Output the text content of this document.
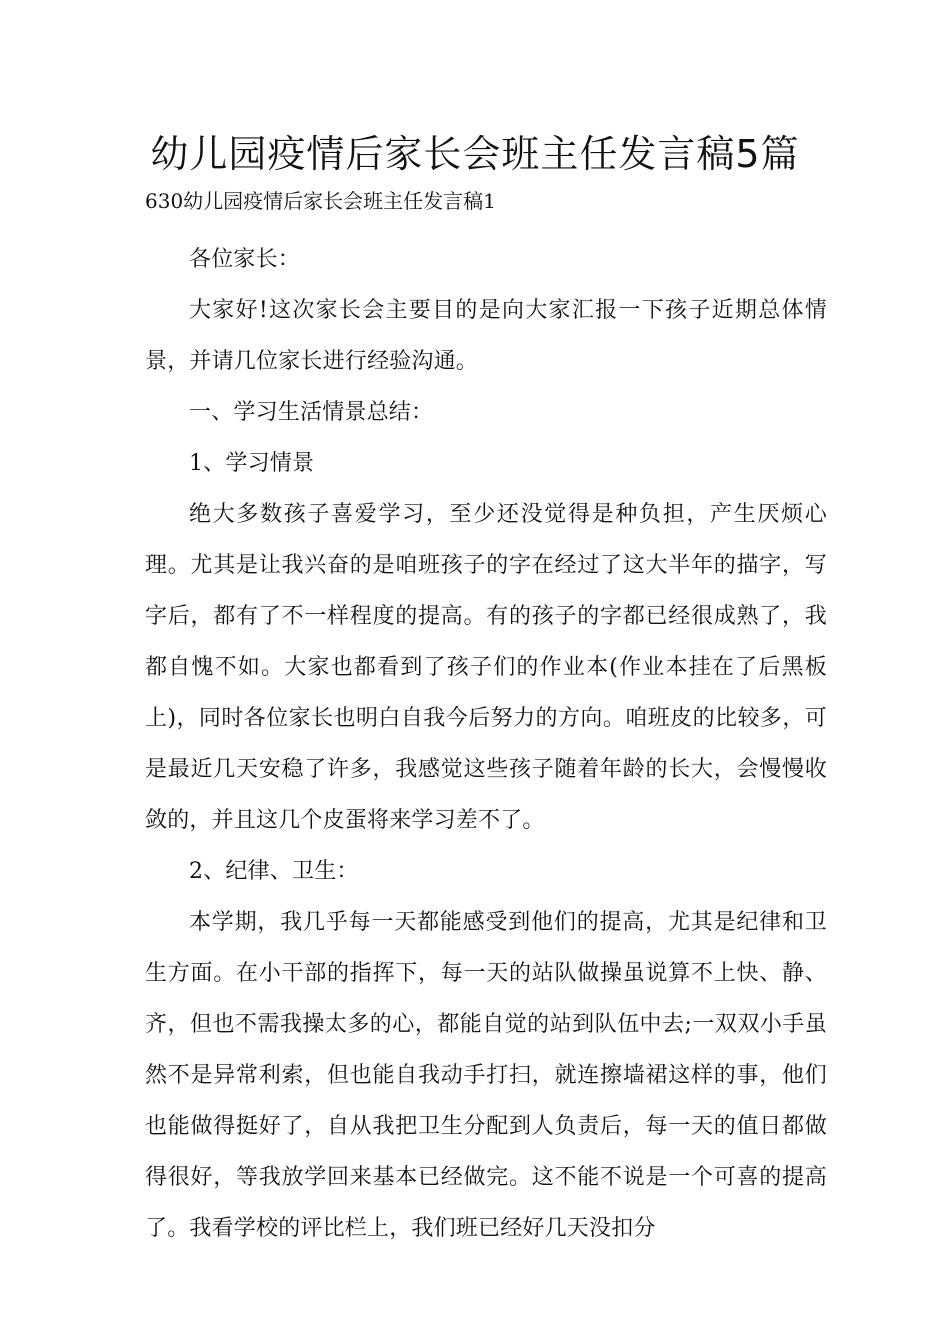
幼儿园疫情后家长会班主任发言稿5篇

630幼儿园疫情后家长会班主任发言稿1

各位家长：

大家好!这次家长会主要目的是向大家汇报一下孩子近期总体情景，并请几位家长进行经验沟通。

一、学习生活情景总结：

1、学习情景

绝大多数孩子喜爱学习，至少还没觉得是种负担，产生厌烦心理。尤其是让我兴奋的是咱班孩子的字在经过了这大半年的描字，写字后，都有了不一样程度的提高。有的孩子的字都已经很成熟了，我都自愧不如。大家也都看到了孩子们的作业本(作业本挂在了后黑板上)，同时各位家长也明白自我今后努力的方向。咱班皮的比较多，可是最近几天安稳了许多，我感觉这些孩子随着年龄的长大，会慢慢收敛的，并且这几个皮蛋将来学习差不了。

2、纪律、卫生：

本学期，我几乎每一天都能感受到他们的提高，尤其是纪律和卫生方面。在小干部的指挥下，每一天的站队做操虽说算不上快、静、齐，但也不需我操太多的心，都能自觉的站到队伍中去;一双双小手虽然不是异常利索，但也能自我动手打扫，就连擦墙裙这样的事，他们也能做得挺好了，自从我把卫生分配到人负责后，每一天的值日都做得很好，等我放学回来基本已经做完。这不能不说是一个可喜的提高了。我看学校的评比栏上，我们班已经好几天没扣分
